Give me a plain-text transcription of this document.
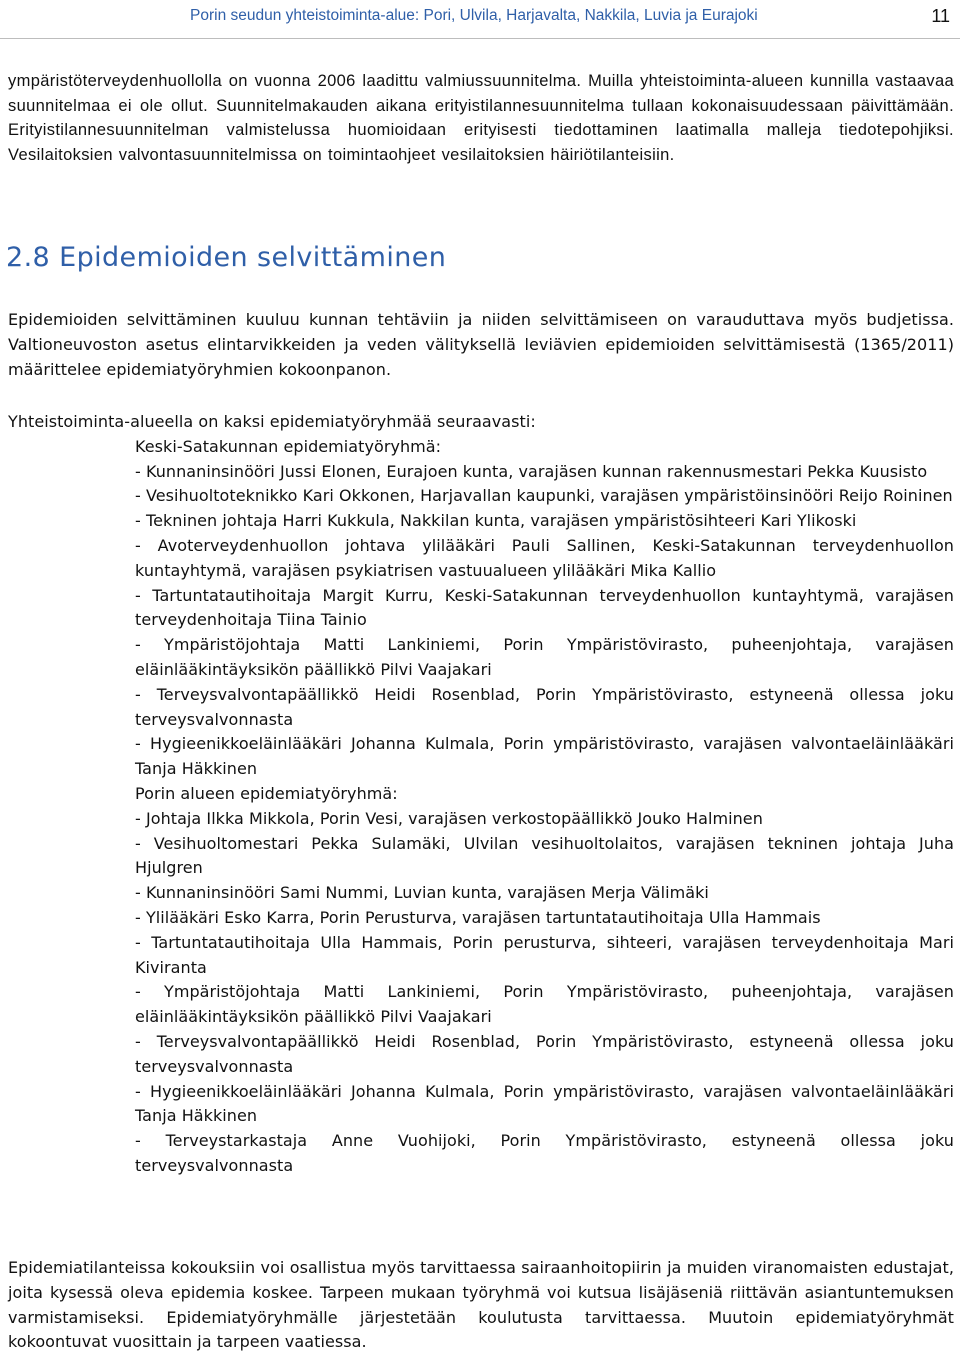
Porin seudun yhteistoiminta-alue: Pori, Ulvila, Harjavalta, Nakkila, Luvia ja Eurajoki	11

ympäristöterveydenhuollolla on vuonna 2006 laadittu valmiussuunnitelma. Muilla yhteistoiminta-alueen kunnilla vastaavaa suunnitelmaa ei ole ollut. Suunnitelmakauden aikana erityistilannesuunnitelma tullaan kokonaisuudessaan päivittämään. Erityistilannesuunnitelman valmistelussa huomioidaan erityisesti tiedottaminen laatimalla malleja tiedotepohjiksi. Vesilaitoksien valvontasuunnitelmissa on toimintaohjeet vesilaitoksien häiriötilanteisiin.

2.8 Epidemioiden selvittäminen

Epidemioiden selvittäminen kuuluu kunnan tehtäviin ja niiden selvittämiseen on varauduttava myös budjetissa. Valtioneuvoston asetus elintarvikkeiden ja veden välityksellä leviävien epidemioiden selvittämisestä (1365/2011) määrittelee epidemiatyöryhmien kokoonpanon.

Yhteistoiminta-alueella on kaksi epidemiatyöryhmää seuraavasti:

Keski-Satakunnan epidemiatyöryhmä:

- Kunnaninsinööri Jussi Elonen, Eurajoen kunta, varajäsen kunnan rakennusmestari Pekka Kuusisto

- Vesihuoltoteknikko Kari Okkonen, Harjavallan kaupunki, varajäsen ympäristöinsinööri Reijo Roininen

- Tekninen johtaja Harri Kukkula, Nakkilan kunta, varajäsen ympäristösihteeri Kari Ylikoski

- Avoterveydenhuollon johtava ylilääkäri Pauli Sallinen, Keski-Satakunnan terveydenhuollon kuntayhtymä, varajäsen psykiatrisen vastuualueen ylilääkäri Mika Kallio

- Tartuntatautihoitaja Margit Kurru, Keski-Satakunnan terveydenhuollon kuntayhtymä, varajäsen terveydenhoitaja Tiina Tainio

- Ympäristöjohtaja Matti Lankiniemi, Porin Ympäristövirasto, puheenjohtaja, varajäsen eläinlääkintäyksikön päällikkö Pilvi Vaajakari

- Terveysvalvontapäällikkö Heidi Rosenblad, Porin Ympäristövirasto, estyneenä ollessa joku terveysvalvonnasta

- Hygieenikkoeläinlääkäri Johanna Kulmala, Porin ympäristövirasto, varajäsen valvontaeläinlääkäri Tanja Häkkinen

Porin alueen epidemiatyöryhmä:

- Johtaja Ilkka Mikkola, Porin Vesi, varajäsen verkostopäällikkö Jouko Halminen

- Vesihuoltomestari Pekka Sulamäki, Ulvilan vesihuoltolaitos, varajäsen tekninen johtaja Juha Hjulgren

- Kunnaninsinööri Sami Nummi, Luvian kunta, varajäsen Merja Välimäki

- Ylilääkäri Esko Karra, Porin Perusturva, varajäsen tartuntatautihoitaja Ulla Hammais

- Tartuntatautihoitaja Ulla Hammais, Porin perusturva, sihteeri, varajäsen terveydenhoitaja Mari Kiviranta

- Ympäristöjohtaja Matti Lankiniemi, Porin Ympäristövirasto, puheenjohtaja, varajäsen eläinlääkintäyksikön päällikkö Pilvi Vaajakari

- Terveysvalvontapäällikkö Heidi Rosenblad, Porin Ympäristövirasto, estyneenä ollessa joku terveysvalvonnasta

- Hygieenikkoeläinlääkäri Johanna Kulmala, Porin ympäristövirasto, varajäsen valvontaeläinlääkäri Tanja Häkkinen

- Terveystarkastaja Anne Vuohijoki, Porin Ympäristövirasto, estyneenä ollessa joku terveysvalvonnasta

Epidemiatilanteissa kokouksiin voi osallistua myös tarvittaessa sairaanhoitopiirin ja muiden viranomaisten edustajat, joita kysessä oleva epidemia koskee. Tarpeen mukaan työryhmä voi kutsua lisäjäseniä riittävän asiantuntemuksen varmistamiseksi. Epidemiatyöryhmälle järjestetään koulutusta tarvittaessa. Muutoin epidemiatyöryhmät kokoontuvat vuosittain ja tarpeen vaatiessa.
